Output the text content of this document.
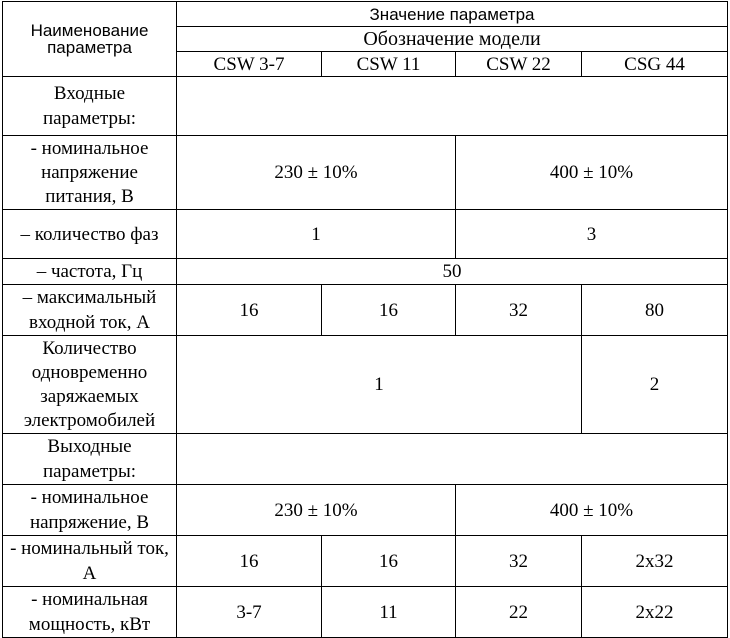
Наименование параметра	Значение параметра			
	Обозначение модели			
	CSW 3-7	CSW 11	CSW 22	CSG 44
Входные параметры:				
- номинальное напряжение питания, В	230 ± 10%		400 ± 10%	
– количество фаз	1		3	
– частота, Гц	50			
– максимальный входной ток, А	16	16	32	80
Количество одновременно заряжаемых электромобилей	1			2
Выходные параметры:				
- номинальное напряжение, В	230 ± 10%		400 ± 10%	
- номинальный ток, А	16	16	32	2х32
- номинальная мощность, кВт	3-7	11	22	2х22
